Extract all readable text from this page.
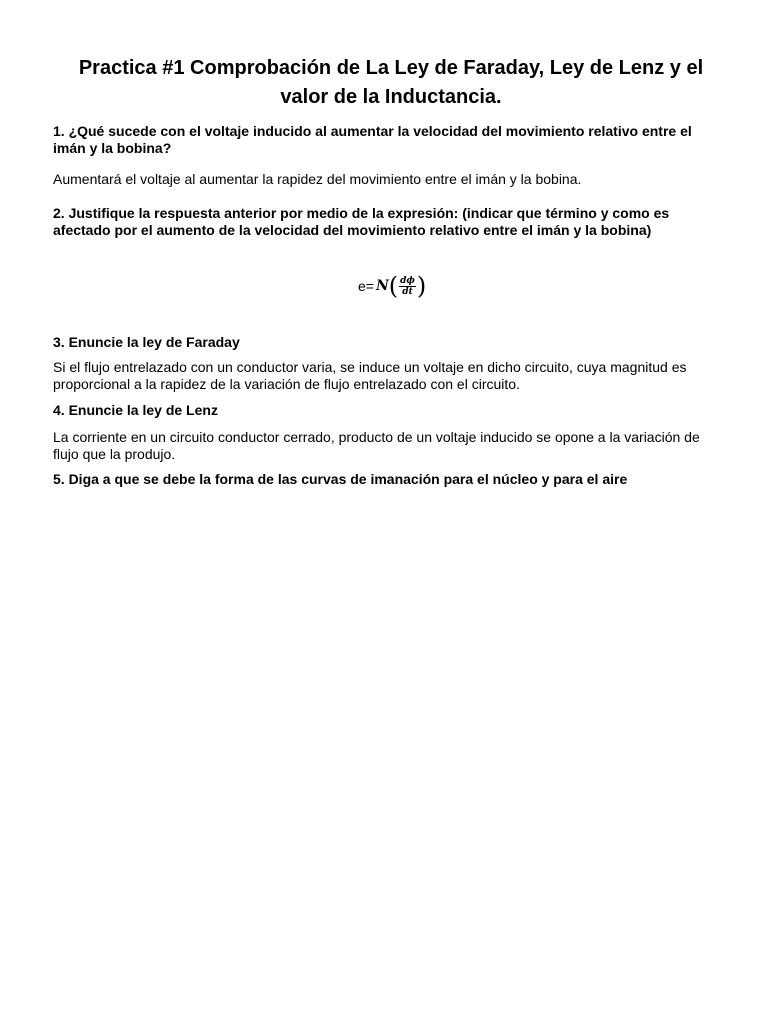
Practica #1 Comprobación de La Ley de Faraday, Ley de Lenz y el valor de la Inductancia.

1. ¿Qué sucede con el voltaje inducido al aumentar la velocidad del movimiento relativo entre el imán y la bobina?

Aumentará el voltaje al aumentar la rapidez del movimiento entre el imán y la bobina.

2. Justifique la respuesta anterior por medio de la expresión: (indicar que término y como es afectado por el aumento de la velocidad del movimiento relativo entre el imán y la bobina)

e= N ( $\frac{d\phi}{dt}$ )

3. Enuncie la ley de Faraday

Si el flujo entrelazado con un conductor varia, se induce un voltaje en dicho circuito, cuya magnitud es proporcional a la rapidez de la variación de flujo entrelazado con el circuito.

4. Enuncie la ley de Lenz

La corriente en un circuito conductor cerrado, producto de un voltaje inducido se opone a la variación de flujo que la produjo.

5. Diga a que se debe la forma de las curvas de imanación para el núcleo y para el aire
